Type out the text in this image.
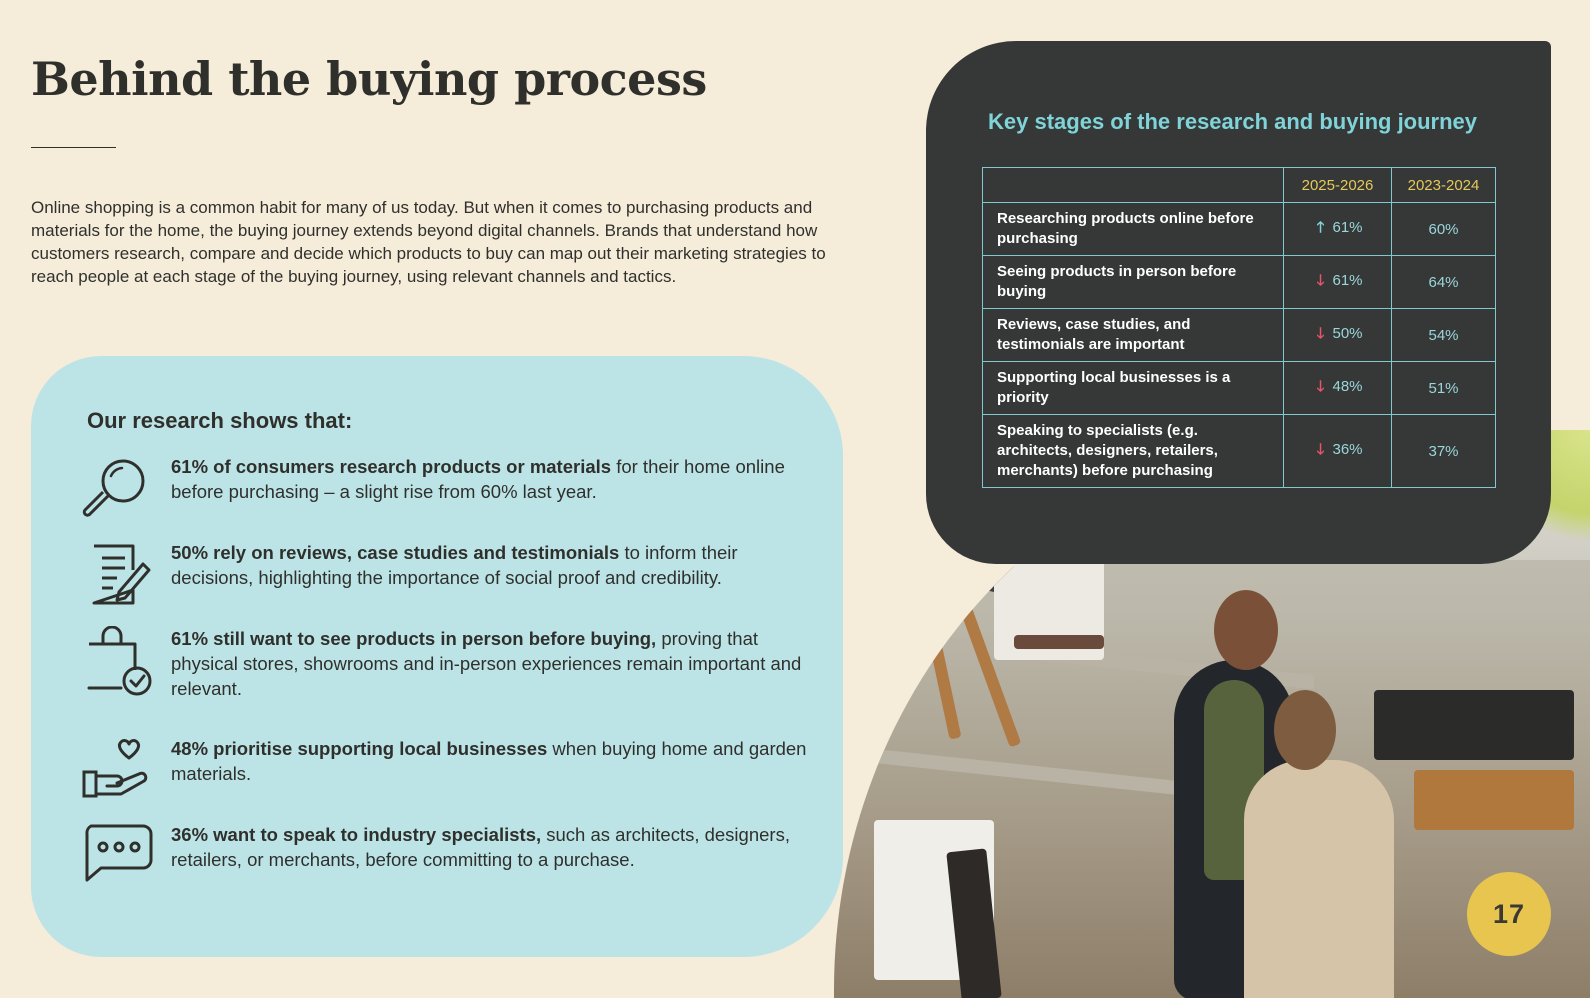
Behind the buying process

Online shopping is a common habit for many of us today. But when it comes to purchasing products and materials for the home, the buying journey extends beyond digital channels. Brands that understand how customers research, compare and decide which products to buy can map out their marketing strategies to reach people at each stage of the buying journey, using relevant channels and tactics.

Our research shows that:
61% of consumers research products or materials for their home online before purchasing – a slight rise from 60% last year.
50% rely on reviews, case studies and testimonials to inform their decisions, highlighting the importance of social proof and credibility.
61% still want to see products in person before buying, proving that physical stores, showrooms and in-person experiences remain important and relevant.
48% prioritise supporting local businesses when buying home and garden materials.
36% want to speak to industry specialists, such as architects, designers, retailers, or merchants, before committing to a purchase.
Key stages of the research and buying journey
	2025-2026	2023-2024
Researching products online before purchasing	🡑 61%	60%
Seeing products in person before buying	🡓 61%	64%
Reviews, case studies, and testimonials are important	🡓 50%	54%
Supporting local businesses is a priority	🡓 48%	51%
Speaking to specialists (e.g. architects, designers, retailers, merchants) before purchasing	🡓 36%	37%
17
